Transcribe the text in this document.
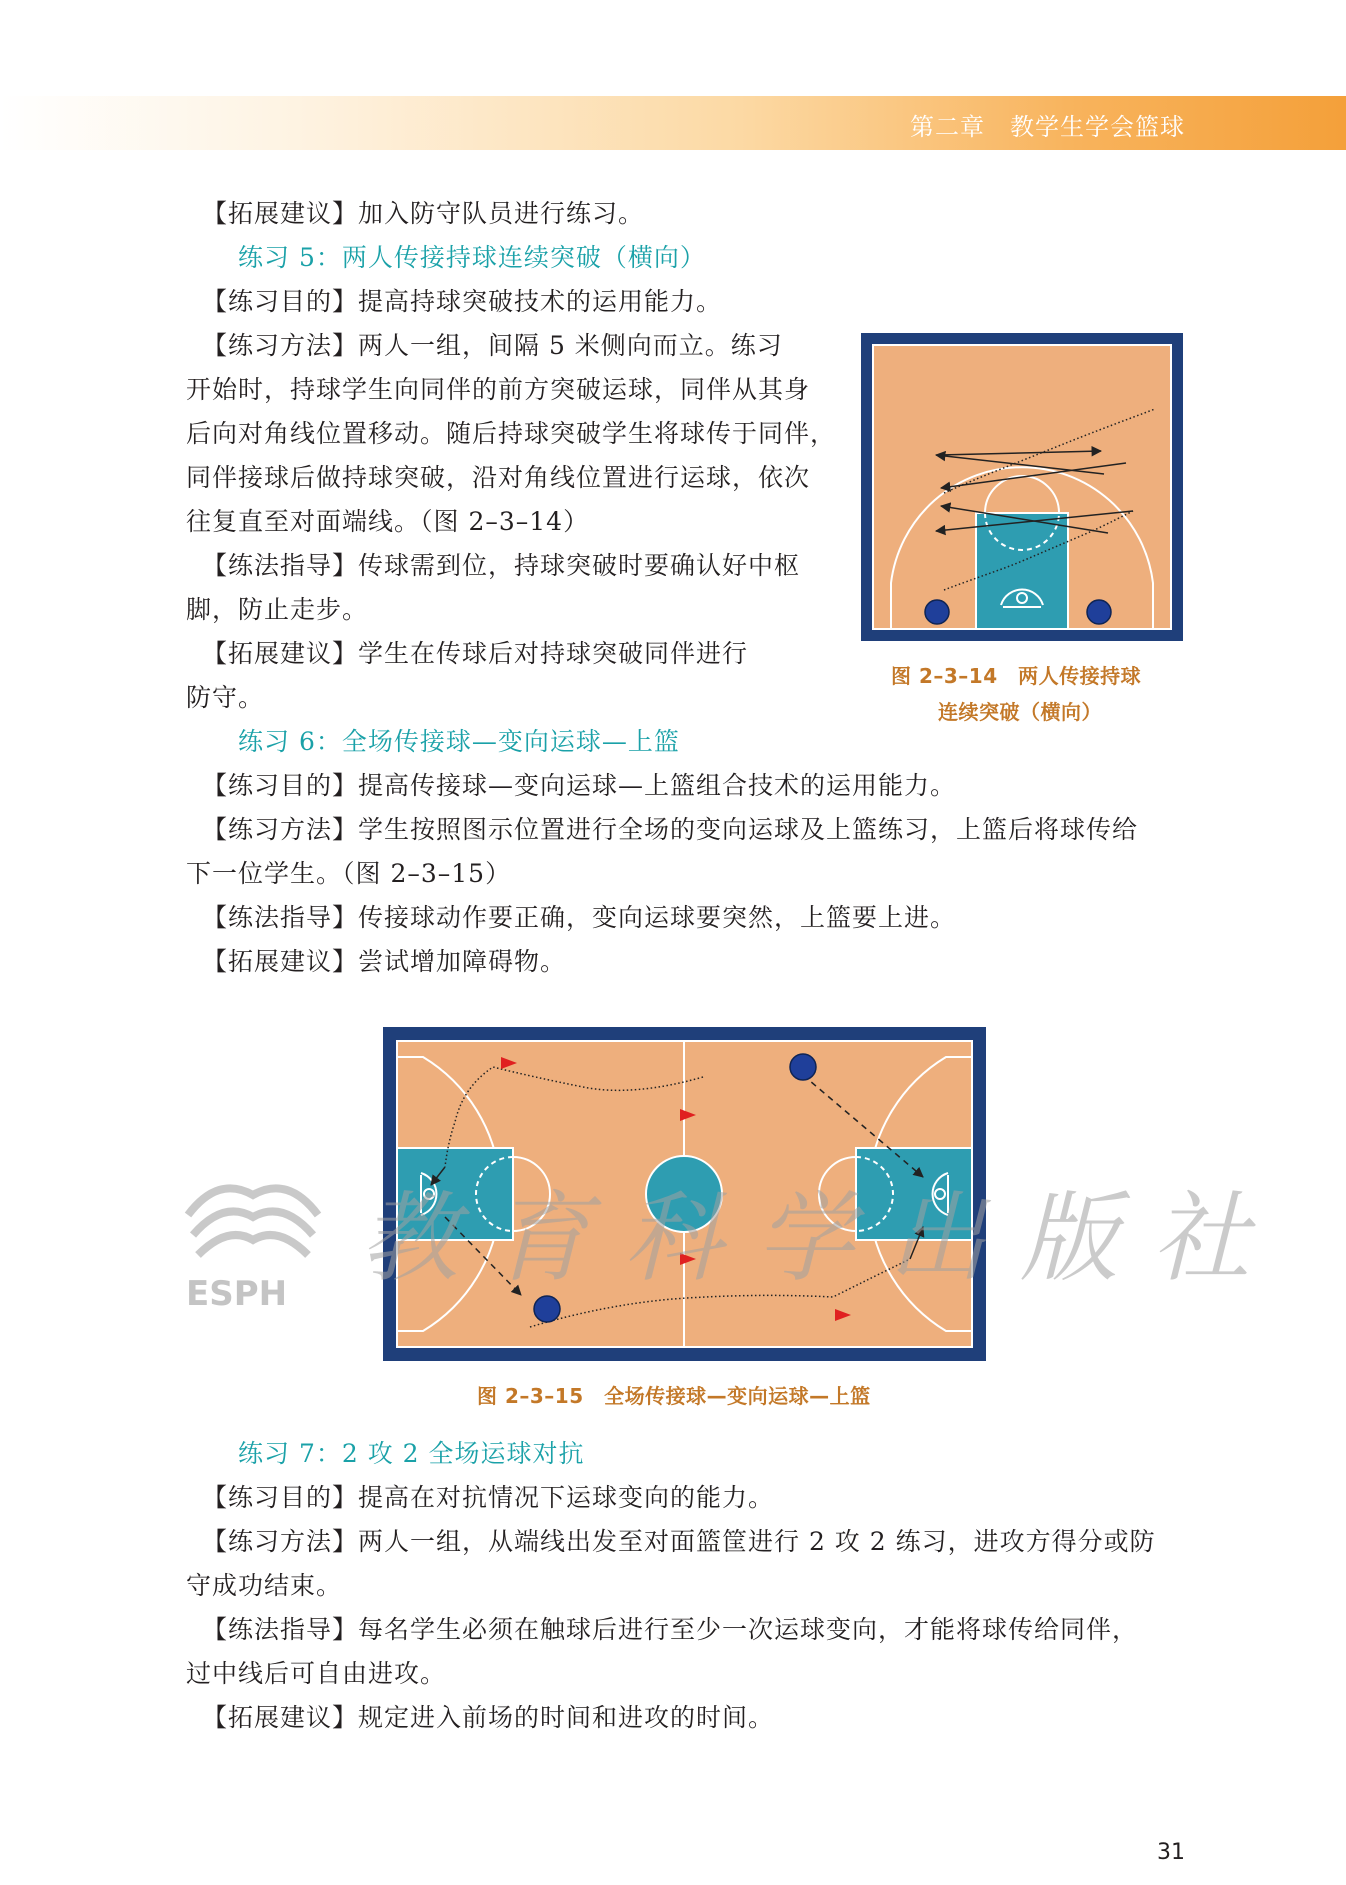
第二章　教学生学会篮球

【拓展建议】加入防守队员进行练习。

练习 5：两人传接持球连续突破（横向）

【练习目的】提高持球突破技术的运用能力。

【练习方法】两人一组，间隔 5 米侧向而立。练习

开始时，持球学生向同伴的前方突破运球，同伴从其身

后向对角线位置移动。随后持球突破学生将球传于同伴，

同伴接球后做持球突破，沿对角线位置进行运球，依次

往复直至对面端线。（图 2–3–14）

【练法指导】传球需到位，持球突破时要确认好中枢

脚，防止走步。

【拓展建议】学生在传球后对持球突破同伴进行

防守。

图 2–3–14　两人传接持球

连续突破（横向）

练习 6：全场传接球—变向运球—上篮

【练习目的】提高传接球—变向运球—上篮组合技术的运用能力。

【练习方法】学生按照图示位置进行全场的变向运球及上篮练习，上篮后将球传给

下一位学生。（图 2–3–15）

【练法指导】传接球动作要正确，变向运球要突然，上篮要上进。

【拓展建议】尝试增加障碍物。

图 2–3–15　全场传接球—变向运球—上篮

ESPH 教育科学出版社

练习 7：2 攻 2 全场运球对抗

【练习目的】提高在对抗情况下运球变向的能力。

【练习方法】两人一组，从端线出发至对面篮筐进行 2 攻 2 练习，进攻方得分或防

守成功结束。

【练法指导】每名学生必须在触球后进行至少一次运球变向，才能将球传给同伴，

过中线后可自由进攻。

【拓展建议】规定进入前场的时间和进攻的时间。

31
